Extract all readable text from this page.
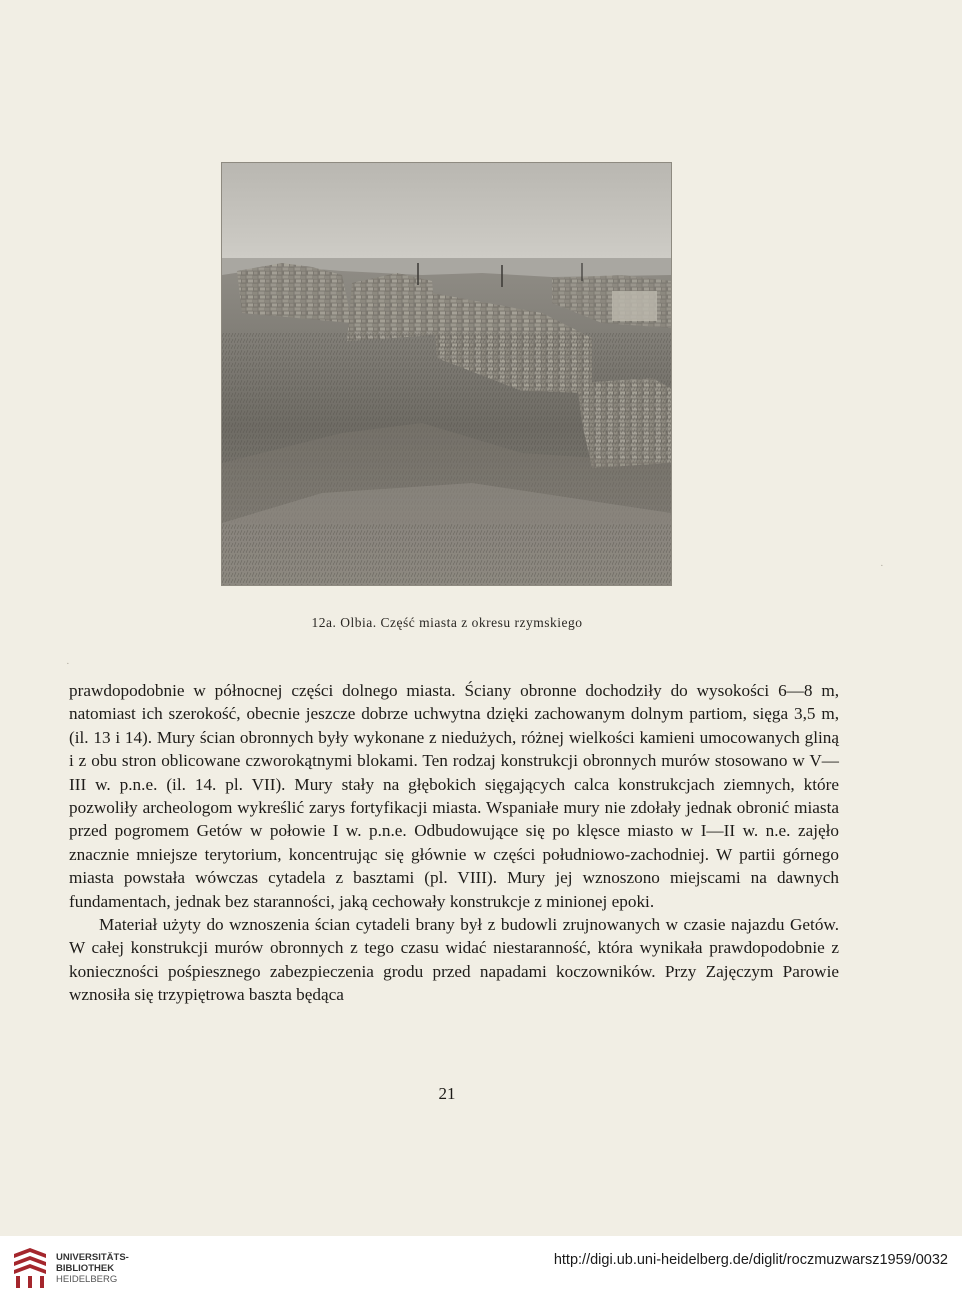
12a. Olbia. Część miasta z okresu rzymskiego

prawdopodobnie w północnej części dolnego miasta. Ściany obronne dochodziły do wysokości 6—8 m, natomiast ich szerokość, obecnie jeszcze dobrze uchwytna dzięki zachowanym dolnym partiom, sięga 3,5 m, (il. 13 i 14). Mury ścian obronnych były wykonane z niedużych, różnej wielkości kamieni umocowanych gliną i z obu stron oblicowane czworokątnymi blokami. Ten rodzaj konstrukcji obronnych murów stosowano w V—III w. p.n.e. (il. 14. pl. VII). Mury stały na głębokich sięgających calca konstrukcjach ziemnych, które pozwoliły archeologom wykreślić zarys fortyfikacji miasta. Wspaniałe mury nie zdołały jednak obronić miasta przed pogromem Getów w połowie I w. p.n.e. Odbudowujące się po klęsce miasto w I—II w. n.e. zajęło znacznie mniejsze terytorium, koncentrując się głównie w części południowo-zachodniej. W partii górnego miasta powstała wówczas cytadela z basztami (pl. VIII). Mury jej wznoszono miejscami na dawnych fundamentach, jednak bez staranności, jaką cechowały konstrukcje z minionej epoki.

Materiał użyty do wznoszenia ścian cytadeli brany był z budowli zrujnowanych w czasie najazdu Getów. W całej konstrukcji murów obronnych z tego czasu widać niestaranność, która wynikała prawdopodobnie z konieczności pośpiesznego zabezpieczenia grodu przed napadami koczowników. Przy Zajęczym Parowie wznosiła się trzypiętrowa baszta będąca

21
·
·
UNIVERSITÄTS-
BIBLIOTHEK
HEIDELBERG
http://digi.ub.uni-heidelberg.de/diglit/roczmuzwarsz1959/0032
